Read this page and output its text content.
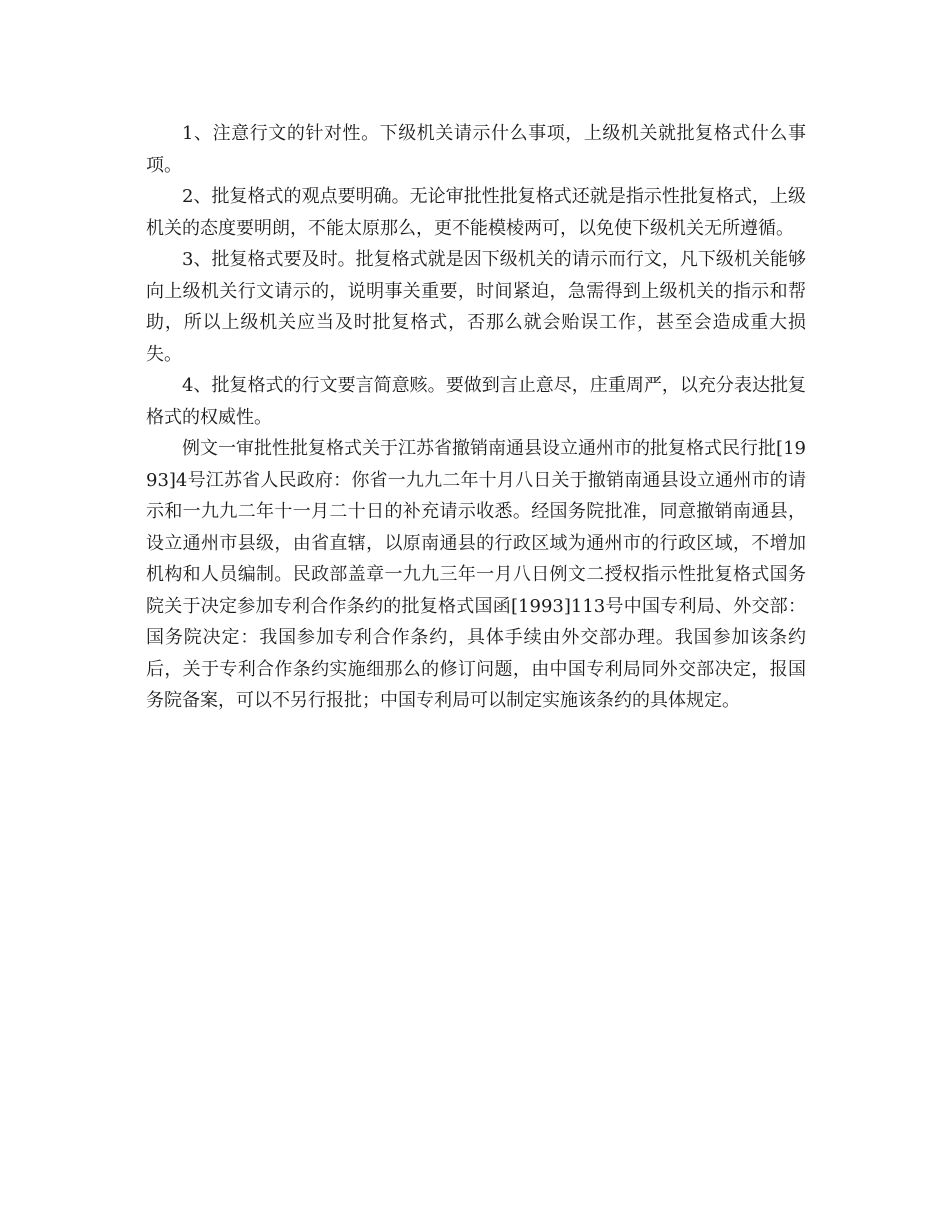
1、注意行文的针对性。下级机关请示什么事项，上级机关就批复格式什么事项。

2、批复格式的观点要明确。无论审批性批复格式还就是指示性批复格式，上级机关的态度要明朗，不能太原那么，更不能模棱两可，以免使下级机关无所遵循。

3、批复格式要及时。批复格式就是因下级机关的请示而行文，凡下级机关能够向上级机关行文请示的，说明事关重要，时间紧迫，急需得到上级机关的指示和帮助，所以上级机关应当及时批复格式，否那么就会贻误工作，甚至会造成重大损失。

4、批复格式的行文要言简意赅。要做到言止意尽，庄重周严，以充分表达批复格式的权威性。

例文一审批性批复格式关于江苏省撤销南通县设立通州市的批复格式民行批[1993]4号江苏省人民政府：你省一九九二年十月八日关于撤销南通县设立通州市的请示和一九九二年十一月二十日的补充请示收悉。经国务院批准，同意撤销南通县，设立通州市县级，由省直辖，以原南通县的行政区域为通州市的行政区域，不增加机构和人员编制。民政部盖章一九九三年一月八日例文二授权指示性批复格式国务院关于决定参加专利合作条约的批复格式国函[1993]113号中国专利局、外交部：国务院决定：我国参加专利合作条约，具体手续由外交部办理。我国参加该条约后，关于专利合作条约实施细那么的修订问题，由中国专利局同外交部决定，报国务院备案，可以不另行报批；中国专利局可以制定实施该条约的具体规定。
